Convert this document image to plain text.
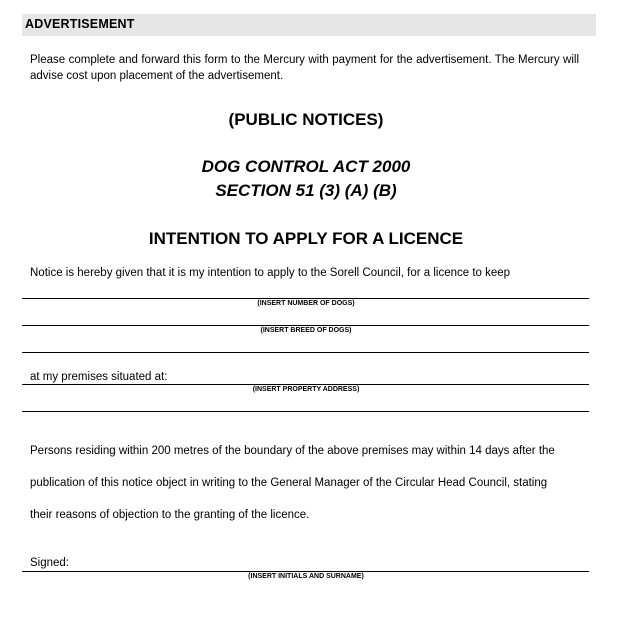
ADVERTISEMENT
Please complete and forward this form to the Mercury with payment for the advertisement. The Mercury will advise cost upon placement of the advertisement.
(PUBLIC NOTICES)
DOG CONTROL ACT 2000
SECTION 51 (3) (A) (B)
INTENTION TO APPLY FOR A LICENCE
Notice is hereby given that it is my intention to apply to the Sorell Council, for a licence to keep
(INSERT NUMBER OF DOGS)
(INSERT BREED OF DOGS)
at my premises situated at:
(INSERT PROPERTY ADDRESS)
Persons residing within 200 metres of the boundary of the above premises may within 14 days after the
publication of this notice object in writing to the General Manager of the Circular Head Council, stating
their reasons of objection to the granting of the licence.
Signed:
(INSERT INITIALS AND SURNAME)
